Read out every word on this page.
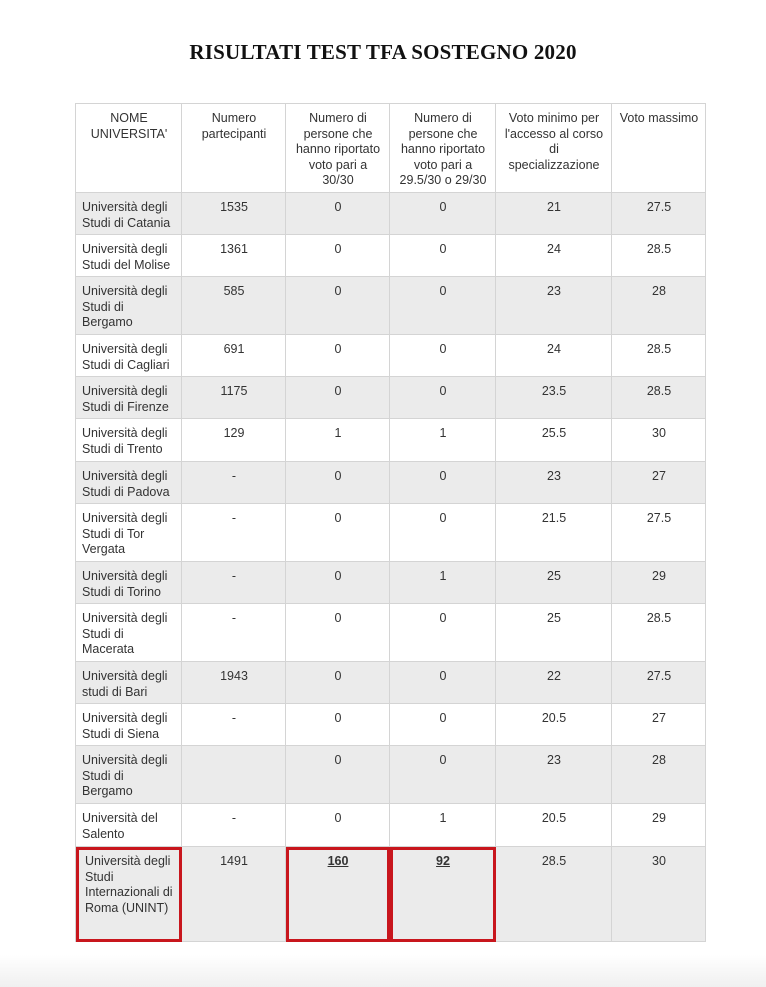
RISULTATI TEST TFA SOSTEGNO 2020
NOME UNIVERSITA'	Numero partecipanti	Numero di persone che hanno riportato voto pari a 30/30	Numero di persone che hanno riportato voto pari a 29.5/30 o 29/30	Voto minimo per l'accesso al corso di specializzazione	Voto massimo
Università degli Studi di Catania	1535	0	0	21	27.5
Università degli Studi del Molise	1361	0	0	24	28.5
Università degli Studi di Bergamo	585	0	0	23	28
Università degli Studi di Cagliari	691	0	0	24	28.5
Università degli Studi di Firenze	1175	0	0	23.5	28.5
Università degli Studi di Trento	129	1	1	25.5	30
Università degli Studi di Padova	-	0	0	23	27
Università degli Studi di Tor Vergata	-	0	0	21.5	27.5
Università degli Studi di Torino	-	0	1	25	29
Università degli Studi di Macerata	-	0	0	25	28.5
Università degli studi di Bari	1943	0	0	22	27.5
Università degli Studi di Siena	-	0	0	20.5	27
Università degli Studi di Bergamo		0	0	23	28
Università del Salento	-	0	1	20.5	29
Università degli Studi Internazionali di Roma (UNINT)	1491	160	92	28.5	30
